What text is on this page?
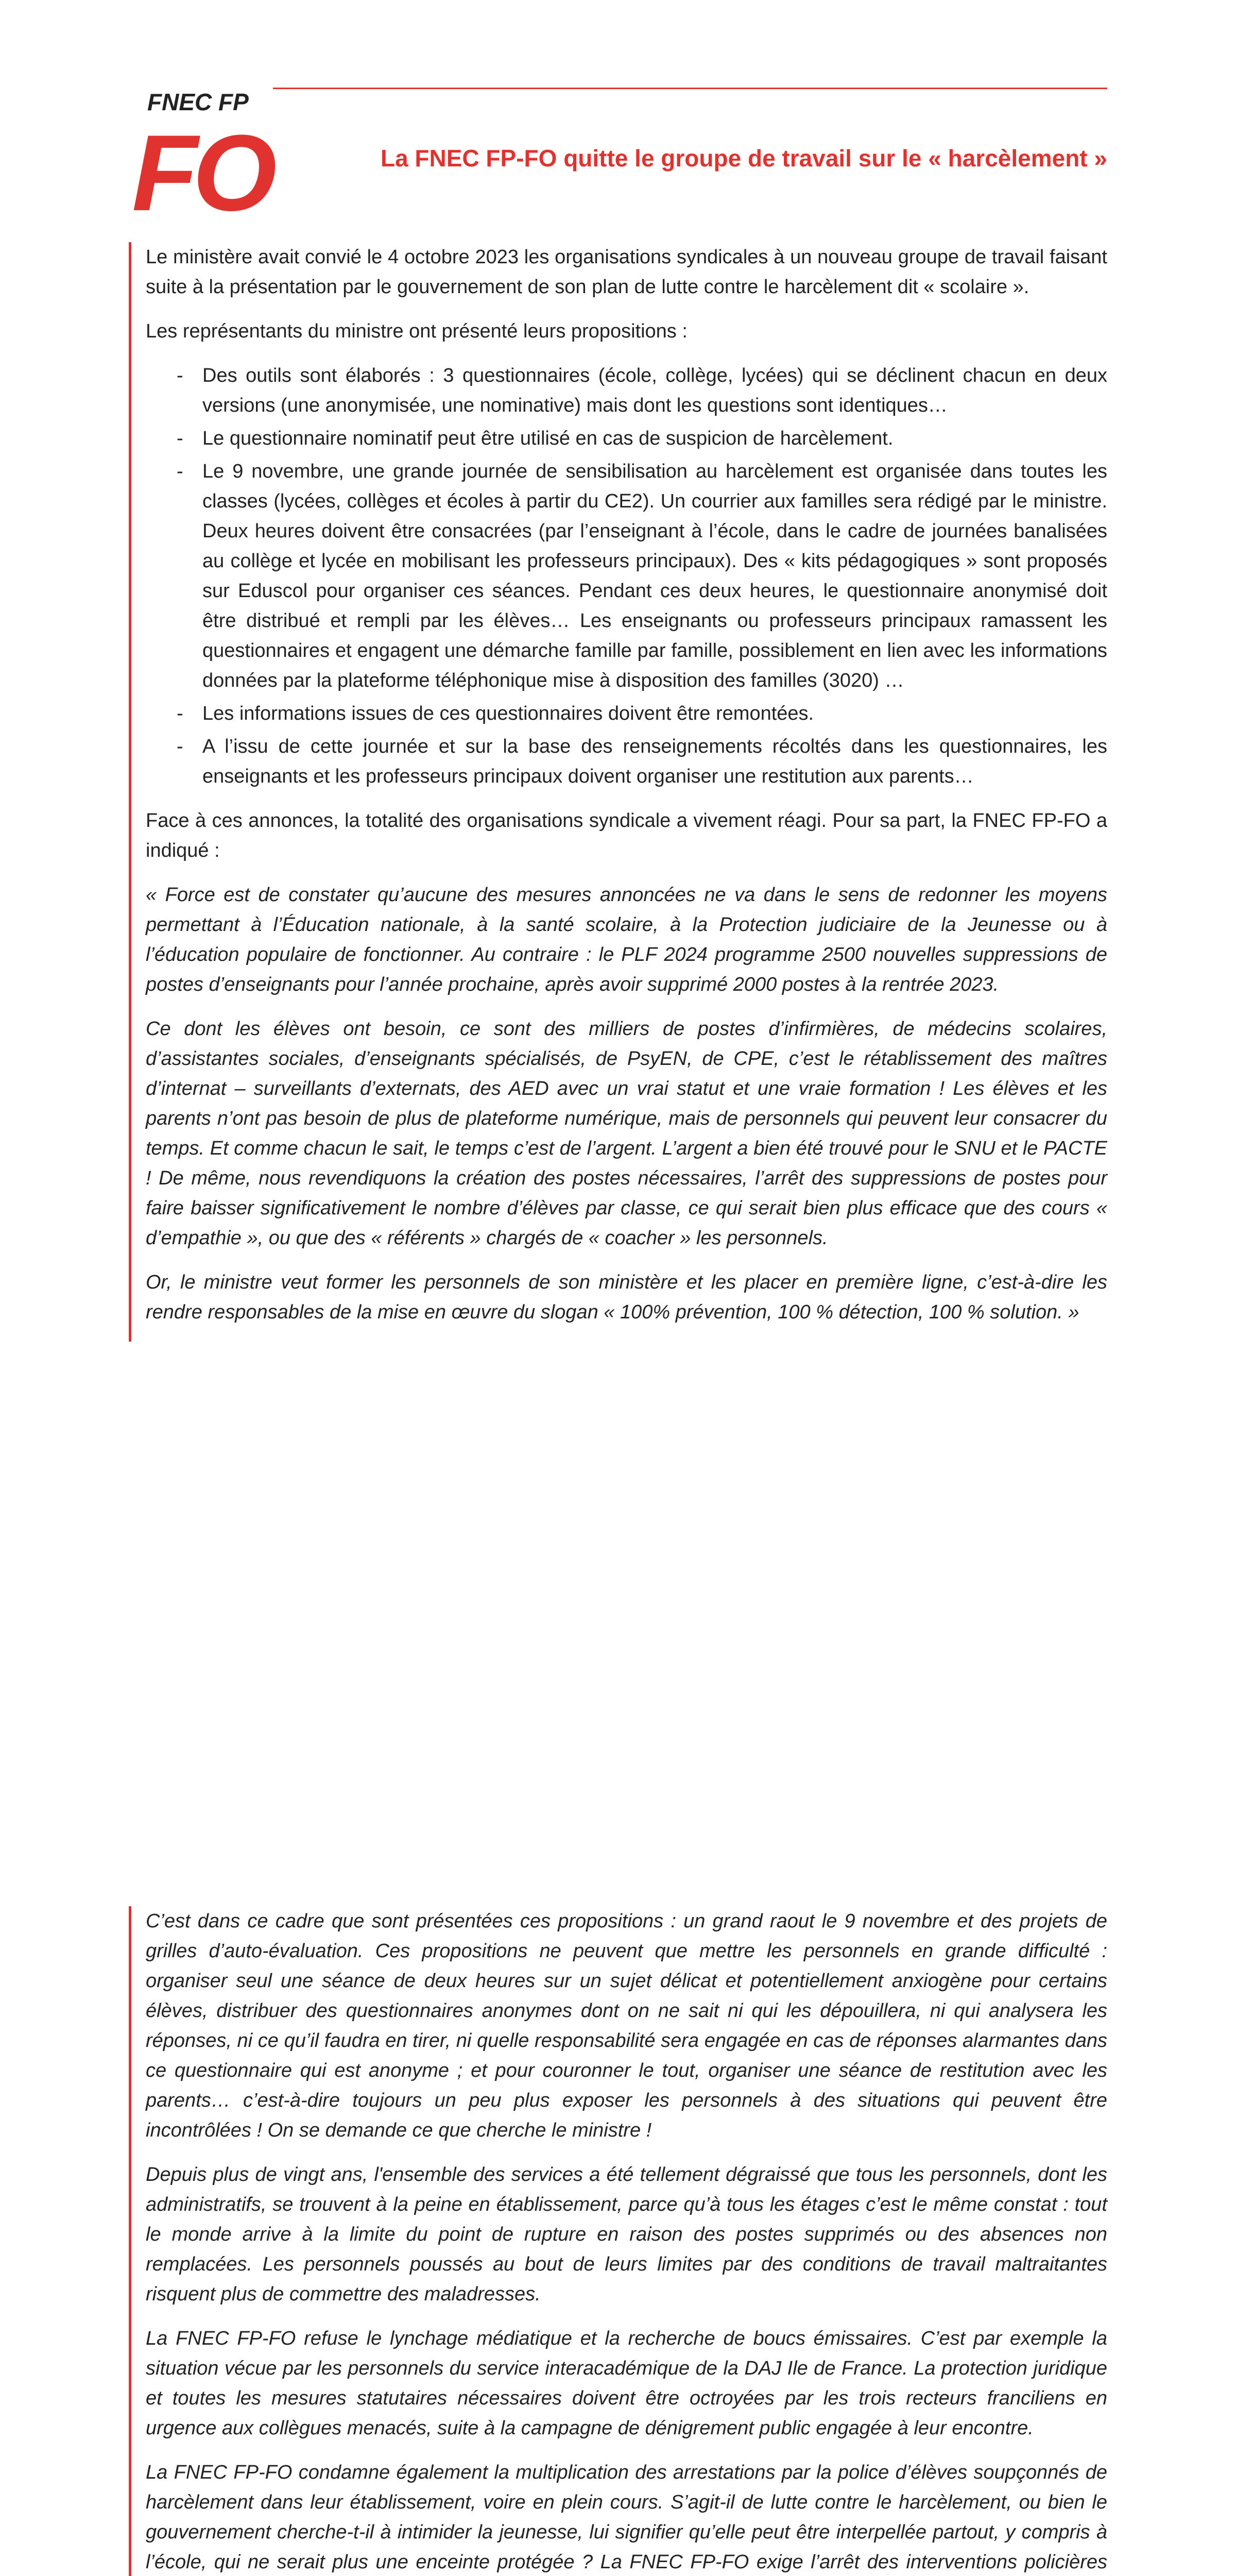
FNEC FP
FO	La FNEC FP-FO quitte le groupe de travail sur le « harcèlement »

Le ministère avait convié le 4 octobre 2023 les organisations syndicales à un nouveau groupe de travail faisant suite à la présentation par le gouvernement de son plan de lutte contre le harcèlement dit « scolaire ».

Les représentants du ministre ont présenté leurs propositions :

- Des outils sont élaborés : 3 questionnaires (école, collège, lycées) qui se déclinent chacun en deux versions (une anonymisée, une nominative) mais dont les questions sont identiques…
- Le questionnaire nominatif peut être utilisé en cas de suspicion de harcèlement.
- Le 9 novembre, une grande journée de sensibilisation au harcèlement est organisée dans toutes les classes (lycées, collèges et écoles à partir du CE2). Un courrier aux familles sera rédigé par le ministre. Deux heures doivent être consacrées (par l’enseignant à l’école, dans le cadre de journées banalisées au collège et lycée en mobilisant les professeurs principaux). Des « kits pédagogiques » sont proposés sur Eduscol pour organiser ces séances. Pendant ces deux heures, le questionnaire anonymisé doit être distribué et rempli par les élèves… Les enseignants ou professeurs principaux ramassent les questionnaires et engagent une démarche famille par famille, possiblement en lien avec les informations données par la plateforme téléphonique mise à disposition des familles (3020) …
- Les informations issues de ces questionnaires doivent être remontées.
- A l’issu de cette journée et sur la base des renseignements récoltés dans les questionnaires, les enseignants et les professeurs principaux doivent organiser une restitution aux parents…

Face à ces annonces, la totalité des organisations syndicale a vivement réagi. Pour sa part, la FNEC FP-FO a indiqué :

« Force est de constater qu’aucune des mesures annoncées ne va dans le sens de redonner les moyens permettant à l’Éducation nationale, à la santé scolaire, à la Protection judiciaire de la Jeunesse ou à l’éducation populaire de fonctionner. Au contraire : le PLF 2024 programme 2500 nouvelles suppressions de postes d’enseignants pour l’année prochaine, après avoir supprimé 2000 postes à la rentrée 2023.

Ce dont les élèves ont besoin, ce sont des milliers de postes d’infirmières, de médecins scolaires, d’assistantes sociales, d’enseignants spécialisés, de PsyEN, de CPE, c’est le rétablissement des maîtres d’internat – surveillants d’externats, des AED avec un vrai statut et une vraie formation ! Les élèves et les parents n’ont pas besoin de plus de plateforme numérique, mais de personnels qui peuvent leur consacrer du temps. Et comme chacun le sait, le temps c’est de l’argent. L’argent a bien été trouvé pour le SNU et le PACTE ! De même, nous revendiquons la création des postes nécessaires, l’arrêt des suppressions de postes pour faire baisser significativement le nombre d’élèves par classe, ce qui serait bien plus efficace que des cours « d’empathie », ou que des « référents » chargés de « coacher » les personnels.

Or, le ministre veut former les personnels de son ministère et les placer en première ligne, c’est-à-dire les rendre responsables de la mise en œuvre du slogan « 100% prévention, 100 % détection, 100 % solution. »

C’est dans ce cadre que sont présentées ces propositions : un grand raout le 9 novembre et des projets de grilles d’auto-évaluation. Ces propositions ne peuvent que mettre les personnels en grande difficulté : organiser seul une séance de deux heures sur un sujet délicat et potentiellement anxiogène pour certains élèves, distribuer des questionnaires anonymes dont on ne sait ni qui les dépouillera, ni qui analysera les réponses, ni ce qu’il faudra en tirer, ni quelle responsabilité sera engagée en cas de réponses alarmantes dans ce questionnaire qui est anonyme ; et pour couronner le tout, organiser une séance de restitution avec les parents… c’est-à-dire toujours un peu plus exposer les personnels à des situations qui peuvent être incontrôlées ! On se demande ce que cherche le ministre !

Depuis plus de vingt ans, l'ensemble des services a été tellement dégraissé que tous les personnels, dont les administratifs, se trouvent à la peine en établissement, parce qu’à tous les étages c’est le même constat : tout le monde arrive à la limite du point de rupture en raison des postes supprimés ou des absences non remplacées. Les personnels poussés au bout de leurs limites par des conditions de travail maltraitantes risquent plus de commettre des maladresses.

La FNEC FP-FO refuse le lynchage médiatique et la recherche de boucs émissaires. C’est par exemple la situation vécue par les personnels du service interacadémique de la DAJ Ile de France. La protection juridique et toutes les mesures statutaires nécessaires doivent être octroyées par les trois recteurs franciliens en urgence aux collègues menacés, suite à la campagne de dénigrement public engagée à leur encontre.

La FNEC FP-FO condamne également la multiplication des arrestations par la police d’élèves soupçonnés de harcèlement dans leur établissement, voire en plein cours. S’agit-il de lutte contre le harcèlement, ou bien le gouvernement cherche-t-il à intimider la jeunesse, lui signifier qu’elle peut être interpellée partout, y compris à l’école, qui ne serait plus une enceinte protégée ? La FNEC FP-FO exige l’arrêt des interventions policières
